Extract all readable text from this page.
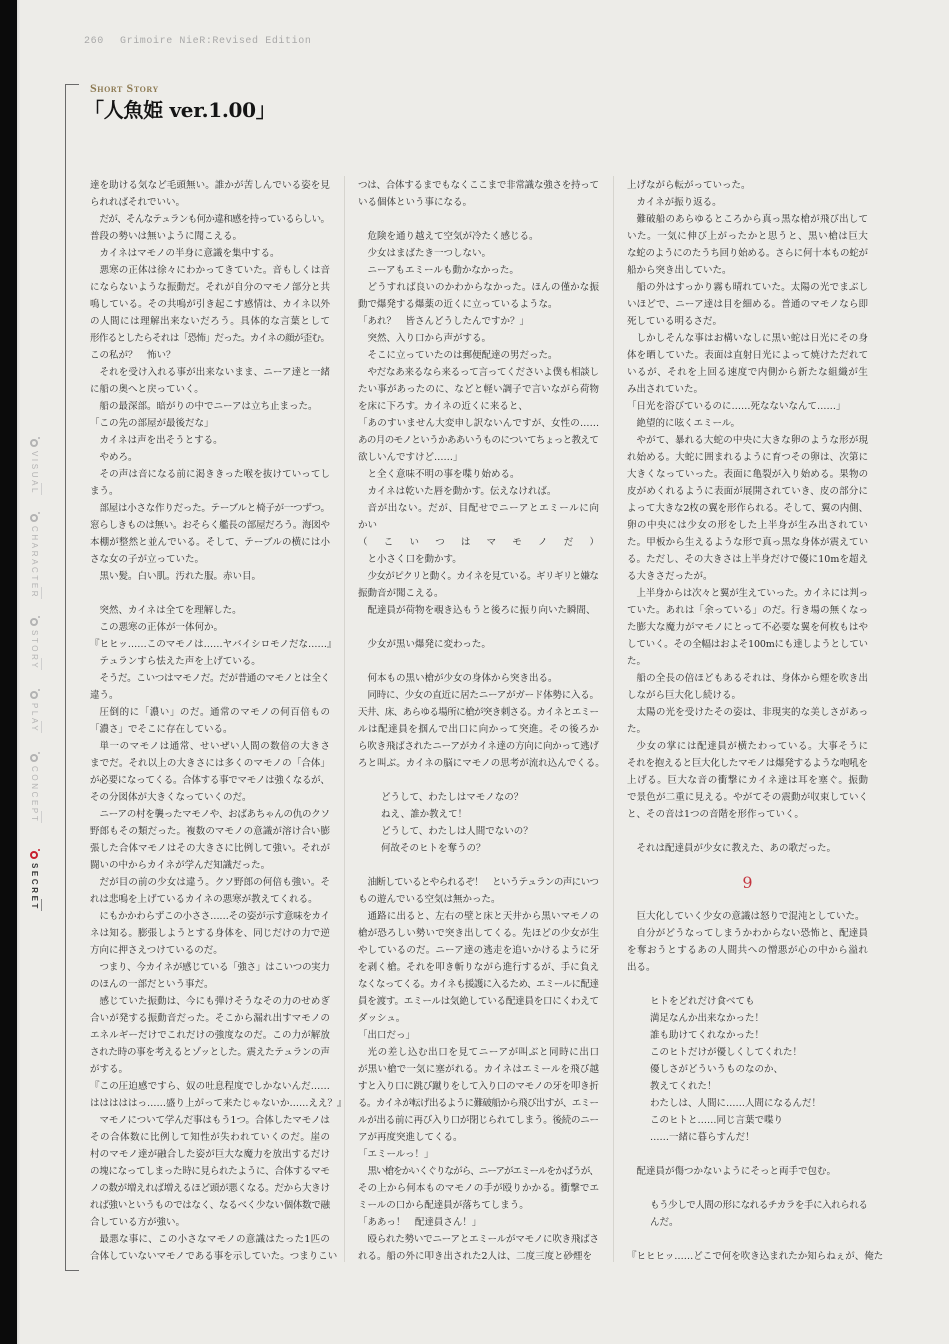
260 Grimoire NieR:Revised Edition
Short Story
「人魚姫 ver.1.00」
VISUAL
CHARACTER
STORY
PLAY
CONCEPT
SECRET
達を助ける気など毛頭無い。誰かが苦しんでいる姿を見
られればそれでいい。
だが、そんなテュランも何か違和感を持っているらしい。
普段の勢いは無いように聞こえる。
カイネはマモノの半身に意識を集中する。
悪寒の正体は徐々にわかってきていた。音もしくは音
にならないような振動だ。それが自分のマモノ部分と共
鳴している。その共鳴が引き起こす感情は、カイネ以外
の人間には理解出来ないだろう。具体的な言葉として
形作るとしたらそれは「恐怖」だった。カイネの顔が歪む。
この私が？　怖い？
それを受け入れる事が出来ないまま、ニーア達と一緒
に船の奥へと戻っていく。
船の最深部。暗がりの中でニーアは立ち止まった。
「この先の部屋が最後だな」
カイネは声を出そうとする。
やめろ。
その声は音になる前に渇ききった喉を抜けていってし
まう。
部屋は小さな作りだった。テーブルと椅子が一つずつ。
窓らしきものは無い。おそらく艦長の部屋だろう。海図や
本棚が整然と並んでいる。そして、テーブルの横には小
さな女の子が立っていた。
黒い髪。白い肌。汚れた服。赤い目。
突然、カイネは全てを理解した。
この悪寒の正体が一体何か。
『ヒヒッ……このマモノは……ヤバイシロモノだな……』
テュランすら怯えた声を上げている。
そうだ。こいつはマモノだ。だが普通のマモノとは全く
違う。
圧倒的に「濃い」のだ。通常のマモノの何百倍もの
「濃さ」でそこに存在している。
単一のマモノは通常、せいぜい人間の数倍の大きさ
までだ。それ以上の大きさには多くのマモノの「合体」
が必要になってくる。合体する事でマモノは強くなるが、
その分図体が大きくなっていくのだ。
ニーアの村を襲ったマモノや、おばあちゃんの仇のクソ
野郎もその類だった。複数のマモノの意識が溶け合い膨
張した合体マモノはその大きさに比例して強い。それが
闘いの中からカイネが学んだ知識だった。
だが目の前の少女は違う。クソ野郎の何倍も強い。そ
れは悲鳴を上げているカイネの悪寒が教えてくれる。
にもかかわらずこの小ささ……その姿が示す意味をカイ
ネは知る。膨張しようとする身体を、同じだけの力で逆
方向に押さえつけているのだ。
つまり、今カイネが感じている「強さ」はこいつの実力
のほんの一部だという事だ。
感じていた振動は、今にも弾けそうなその力のせめぎ
合いが発する振動音だった。そこから漏れ出すマモノの
エネルギーだけでこれだけの強度なのだ。この力が解放
された時の事を考えるとゾッとした。震えたテュランの声
がする。
『この圧迫感ですら、奴の吐息程度でしかないんだ……
はははははっ……盛り上がって来たじゃないか……ええ？』
マモノについて学んだ事はもう1つ。合体したマモノは
その合体数に比例して知性が失われていくのだ。崖の
村のマモノ達が融合した姿が巨大な魔力を放出するだけ
の塊になってしまった時に見られたように、合体するマモ
ノの数が増えれば増えるほど頭が悪くなる。だから大きけ
れば強いというものではなく、なるべく少ない個体数で融
合している方が強い。
最悪な事に、この小さなマモノの意識はたった1匹の
合体していないマモノである事を示していた。つまりこい
つは、合体するまでもなくここまで非常識な強さを持って
いる個体という事になる。
危険を通り越えて空気が冷たく感じる。
少女はまばたき一つしない。
ニーアもエミールも動かなかった。
どうすれば良いのかわからなかった。ほんの僅かな振
動で爆発する爆薬の近くに立っているような。
「あれ？　皆さんどうしたんですか？」
突然、入り口から声がする。
そこに立っていたのは郵便配達の男だった。
やだなあ来るなら来るって言ってくださいよ僕も相談し
たい事があったのに、などと軽い調子で言いながら荷物
を床に下ろす。カイネの近くに来ると、
「あのすいません大変申し訳ないんですが、女性の……
あの月のモノというかああいうものについてちょっと教えて
欲しいんですけど……」
と全く意味不明の事を喋り始める。
カイネは乾いた唇を動かす。伝えなければ。
音が出ない。だが、目配せでニーアとエミールに向
かい
（こいつはマモノだ）
と小さく口を動かす。
少女がピクリと動く。カイネを見ている。ギリギリと嫌な
振動音が聞こえる。
配達員が荷物を覗き込もうと後ろに振り向いた瞬間、
少女が黒い爆発に変わった。
何本もの黒い槍が少女の身体から突き出る。
同時に、少女の直近に居たニーアがガード体勢に入る。
天井、床、あらゆる場所に槍が突き刺さる。カイネとエミー
ルは配達員を掴んで出口に向かって突進。その後ろか
ら吹き飛ばされたニーアがカイネ達の方向に向かって逃げ
ろと叫ぶ。カイネの脳にマモノの思考が流れ込んでくる。
どうして、わたしはマモノなの？
ねえ、誰か教えて！
どうして、わたしは人間でないの？
何故そのヒトを奪うの？
油断しているとやられるぞ！　というテュランの声にいつ
もの遊んでいる空気は無かった。
通路に出ると、左右の壁と床と天井から黒いマモノの
槍が恐ろしい勢いで突き出してくる。先ほどの少女が生
やしているのだ。ニーア達の逃走を追いかけるように牙
を剥く槍。それを叩き斬りながら進行するが、手に負え
なくなってくる。カイネも援護に入るため、エミールに配達
員を渡す。エミールは気絶している配達員を口にくわえて
ダッシュ。
「出口だっ」
光の差し込む出口を見てニーアが叫ぶと同時に出口
が黒い槍で一気に塞がれる。カイネはエミールを飛び越
すと入り口に跳び蹴りをして入り口のマモノの牙を叩き折
る。カイネが転げ出るように難破船から飛び出すが、エミー
ルが出る前に再び入り口が閉じられてしまう。後続のニー
アが再度突進してくる。
「エミールっ！」
黒い槍をかいくぐりながら、ニーアがエミールをかばうが、
その上から何本ものマモノの手が殴りかかる。衝撃でエ
ミールの口から配達員が落ちてしまう。
「ああっ！　配達員さん！」
殴られた勢いでニーアとエミールがマモノに吹き飛ばさ
れる。船の外に叩き出された2人は、二度三度と砂煙を
上げながら転がっていった。
カイネが振り返る。
難破船のあらゆるところから真っ黒な槍が飛び出して
いた。一気に伸び上がったかと思うと、黒い槍は巨大
な蛇のようにのたうち回り始める。さらに何十本もの蛇が
船から突き出していた。
船の外はすっかり霧も晴れていた。太陽の光でまぶし
いほどで、ニーア達は目を細める。普通のマモノなら即
死している明るさだ。
しかしそんな事はお構いなしに黒い蛇は日光にその身
体を晒していた。表面は直射日光によって焼けただれて
いるが、それを上回る速度で内側から新たな組織が生
み出されていた。
「日光を浴びているのに……死なないなんて……」
絶望的に呟くエミール。
やがて、暴れる大蛇の中央に大きな卵のような形が現
れ始める。大蛇に囲まれるように育つその卵は、次第に
大きくなっていった。表面に亀裂が入り始める。果物の
皮がめくれるように表面が展開されていき、皮の部分に
よって大きな2枚の翼を形作られる。そして、翼の内側、
卵の中央には少女の形をした上半身が生み出されてい
た。甲板から生えるような形で真っ黒な身体が震えてい
る。ただし、その大きさは上半身だけで優に10mを超え
る大きさだったが。
上半身からは次々と翼が生えていった。カイネには判っ
ていた。あれは「余っている」のだ。行き場の無くなっ
た膨大な魔力がマモノにとって不必要な翼を何枚もはや
していく。その全幅はおよそ100mにも達しようとしてい
た。
船の全長の倍ほどもあるそれは、身体から煙を吹き出
しながら巨大化し続ける。
太陽の光を受けたその姿は、非現実的な美しさがあっ
た。
少女の掌には配達員が横たわっている。大事そうに
それを抱えると巨大化したマモノは爆発するような咆吼を
上げる。巨大な音の衝撃にカイネ達は耳を塞ぐ。振動
で景色が二重に見える。やがてその震動が収束していく
と、その音は1つの音階を形作っていく。
それは配達員が少女に教えた、あの歌だった。
9
巨大化していく少女の意識は怒りで混沌としていた。
自分がどうなってしまうかわからない恐怖と、配達員
を奪おうとするあの人間共への憎悪が心の中から溢れ
出る。
ヒトをどれだけ食べても
満足なんか出来なかった！
誰も助けてくれなかった！
このヒトだけが優しくしてくれた！
優しさがどういうものなのか、
教えてくれた！
わたしは、人間に……人間になるんだ！
このヒトと……同じ言葉で喋り
……一緒に暮らすんだ！
配達員が傷つかないようにそっと両手で包む。
もう少しで人間の形になれるチカラを手に入れられる
んだ。
『ヒヒヒッ……どこで何を吹き込まれたか知らねぇが、俺た
